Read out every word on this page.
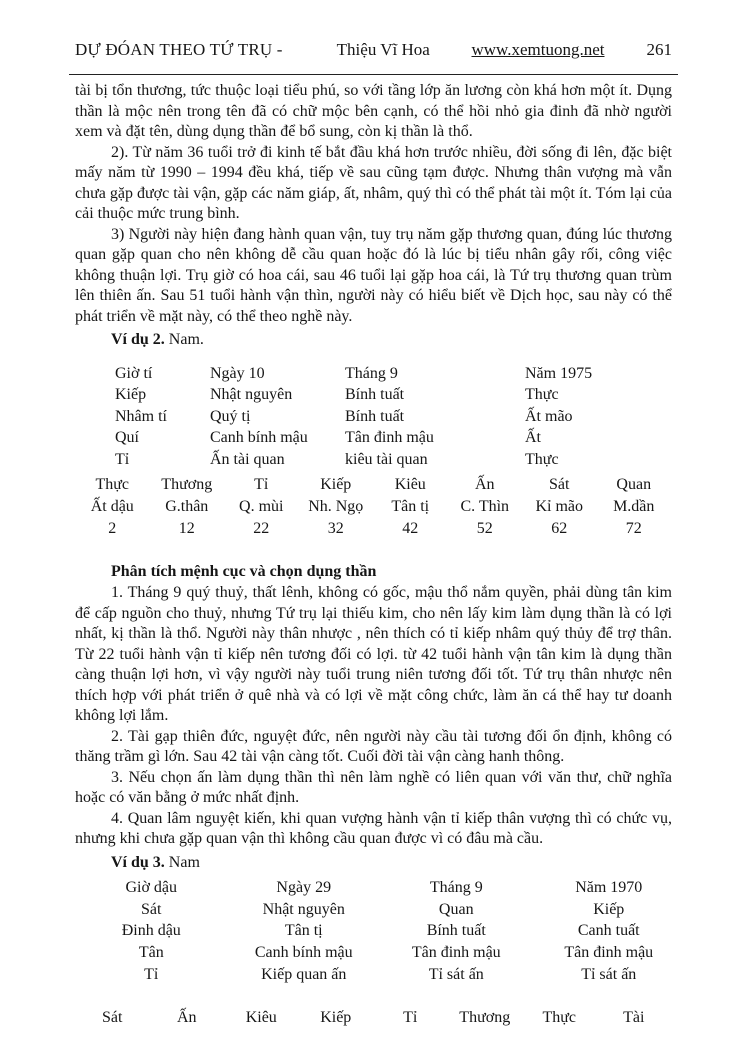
DỰ ĐÓAN THEO TỨ TRỤ -	Thiệu Vĩ Hoa www.xemtuong.net 261

tài bị tổn thương, tức thuộc loại tiểu phú, so với tầng lớp ăn lương còn khá hơn một ít. Dụng thần là mộc nên trong tên đã có chữ mộc bên cạnh, có thể hồi nhỏ gia đinh đã nhờ người xem và đặt tên, dùng dụng thần để bổ sung, còn kị thần là thổ.

2). Từ năm 36 tuổi trở đi kinh tế bắt đầu khá hơn trước nhiều, đời sống đi lên, đặc biệt mấy năm từ 1990 – 1994 đều khá, tiếp về sau cũng tạm được. Nhưng thân vượng mà vẫn chưa gặp được tài vận, gặp các năm giáp, ất, nhâm, quý thì có thể phát tài một ít. Tóm lại của cải thuộc mức trung bình.

3) Người này hiện đang hành quan vận, tuy trụ năm gặp thương quan, đúng lúc thương quan gặp quan cho nên không dễ cầu quan hoặc đó là lúc bị tiểu nhân gây rối, công việc không thuận lợi. Trụ giờ có hoa cái, sau 46 tuổi lại gặp hoa cái, là Tứ trụ thương quan trùm lên thiên ấn. Sau 51 tuổi hành vận thìn, người này có hiểu biết về Dịch học, sau này có thể phát triển về mặt này, có thể theo nghề này.

Ví dụ 2. Nam.
Giờ tí	Ngày 10	Tháng 9	Năm 1975
Kiếp	Nhật nguyên	Bính tuất	Thực
Nhâm tí	Quý tị	Bính tuất	Ất mão
Quí	Canh bính mậu	Tân đinh mậu	Ất
Tỉ	Ấn tài quan	kiêu tài quan	Thực
Thực	Thương	Tỉ	Kiếp	Kiêu	Ấn	Sát	Quan
Ất dậu	G.thân	Q. mùi	Nh. Ngọ	Tân tị	C. Thìn	Kỉ mão	M.dần
2	12	22	32	42	52	62	72
Phân tích mệnh cục và chọn dụng thần

1. Tháng 9 quý thuỷ, thất lênh, không có gốc, mậu thổ nắm quyền, phải dùng tân kim để cấp nguồn cho thuỷ, nhưng Tứ trụ lại thiếu kim, cho nên lấy kim làm dụng thần là có lợi nhất, kị thần là thổ. Người này thân nhược , nên thích có tỉ kiếp nhâm quý thủy để trợ thân. Từ 22 tuổi hành vận tỉ kiếp nên tương đối có lợi. từ 42 tuổi hành vận tân kim là dụng thần càng thuận lợi hơn, vì vậy người này tuổi trung niên tương đối tốt. Tứ trụ thân nhược nên thích hợp với phát triển ở quê nhà và có lợi về mặt công chức, làm ăn cá thể hay tư doanh không lợi lắm.

2. Tài gạp thiên đức, nguyệt đức, nên người này cầu tài tương đối ổn định, không có thăng trầm gì lớn. Sau 42 tài vận càng tốt. Cuối đời tài vận càng hanh thông.

3. Nếu chọn ấn làm dụng thần thì nên làm nghề có liên quan với văn thư, chữ nghĩa hoặc có văn bằng ở mức nhất định.

4. Quan lâm nguyệt kiến, khi quan vượng hành vận tỉ kiếp thân vượng thì có chức vụ, nhưng khi chưa gặp quan vận thì không cầu quan được vì có đâu mà cầu.

Ví dụ 3. Nam
Giờ dậu	Ngày 29	Tháng 9	Năm 1970
Sát	Nhật nguyên	Quan	Kiếp
Đinh dậu	Tân tị	Bính tuất	Canh tuất
Tân	Canh bính mậu	Tân đinh mậu	Tân đinh mậu
Tỉ	Kiếp quan ấn	Tỉ sát ấn	Tỉ sát ấn
Sát	Ấn	Kiêu	Kiếp	Tỉ	Thương	Thực	Tài
